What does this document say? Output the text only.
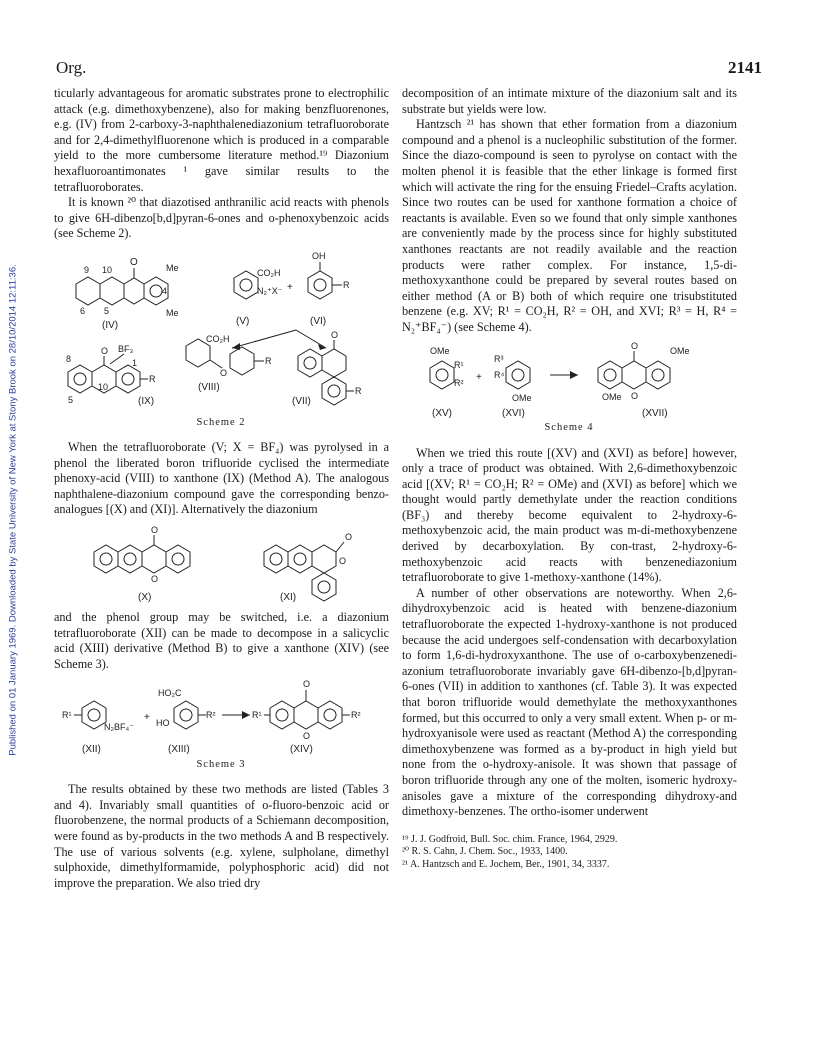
Org.	2141
Published on 01 January 1969. Downloaded by State University of New York at Stony Brook on 28/10/2014 12:11:36.

ticularly advantageous for aromatic substrates prone to electrophilic attack (e.g. dimethoxybenzene), also for making benzfluorenones, e.g. (IV) from 2-carboxy-3-naphthalenediazonium tetrafluoroborate and for 2,4-dimethylfluorenone which is produced in a comparable yield to the more cumbersome literature method.¹⁹ Diazonium hexafluoroantimonates ¹ gave similar results to the tetrafluoroborates.

It is known ²⁰ that diazotised anthranilic acid reacts with phenols to give 6H-dibenzo[b,d]pyran-6-ones and o-phenoxybenzoic acids (see Scheme 2).

O	Me
Me
9 10
4
6 5
(IV)
CO₂H
N₂⁺X⁻ +
(V)
OH
R
(VI)
O BF₃
1
8
10
5
R
(IX)
CO₂H
O
R
(VIII)
O
R
(VII)
Scheme 2

When the tetrafluoroborate (V; X = BF₄) was pyrolysed in a phenol the liberated boron trifluoride cyclised the intermediate phenoxy-acid (VIII) to xanthone (IX) (Method A). The analogous naphthalene-diazonium compound gave the corresponding benzo-analogues [(X) and (XI)]. Alternatively the diazonium

O
O
(X)
O
O
(XI)

and the phenol group may be switched, i.e. a diazonium tetrafluoroborate (XII) can be made to decompose in a salicyclic acid (XIII) derivative (Method B) to give a xanthone (XIV) (see Scheme 3).

R¹
N₂BF₄⁻
(XII)
+
HO₂C
HO
R²
(XIII)
R¹
O
O
R²
(XIV)
Scheme 3

The results obtained by these two methods are listed (Tables 3 and 4). Invariably small quantities of o-fluoro-benzoic acid or fluorobenzene, the normal products of a Schiemann decomposition, were found as by-products in the two methods A and B respectively. The use of various solvents (e.g. xylene, sulpholane, dimethyl sulphoxide, dimethylformamide, polyphosphoric acid) did not improve the preparation. We also tried dry

decomposition of an intimate mixture of the diazonium salt and its substrate but yields were low.

Hantzsch ²¹ has shown that ether formation from a diazonium compound and a phenol is a nucleophilic substitution of the former. Since the diazo-compound is seen to pyrolyse on contact with the molten phenol it is feasible that the ether linkage is formed first which will activate the ring for the ensuing Friedel–Crafts acylation. Since two routes can be used for xanthone formation a choice of reactants is available. Even so we found that only simple xanthones are conveniently made by the process since for highly substituted xanthones reactants are not readily available and the reaction products were rather complex. For instance, 1,5-di-methoxyxanthone could be prepared by several routes based on either method (A or B) both of which require one trisubstituted benzene (e.g. XV; R¹ = CO₂H, R² = OH, and XVI; R³ = H, R⁴ = N₂⁺BF₄⁻) (see Scheme 4).

OMe
R¹
R²
(XV)
+
R³
R⁴
OMe
(XVI)
O	OMe
O
OMe
(XVII)
Scheme 4

When we tried this route [(XV) and (XVI) as before] however, only a trace of product was obtained. With 2,6-dimethoxybenzoic acid [(XV; R¹ = CO₂H; R² = OMe) and (XVI) as before] which we thought would partly demethylate under the reaction conditions (BF₃) and thereby become equivalent to 2-hydroxy-6-methoxybenzoic acid, the main product was m-di-methoxybenzene derived by decarboxylation. By con-trast, 2-hydroxy-6-methoxybenzoic acid reacts with benzenediazonium tetrafluoroborate to give 1-methoxy-xanthone (14%).

A number of other observations are noteworthy. When 2,6-dihydroxybenzoic acid is heated with benzene-diazonium tetrafluoroborate the expected 1-hydroxy-xanthone is not produced because the acid undergoes self-condensation with decarboxylation to form 1,6-di-hydroxyxanthone. The use of o-carboxybenzenedi-azonium tetrafluoroborate invariably gave 6H-dibenzo-[b,d]pyran-6-ones (VII) in addition to xanthones (cf. Table 3). It was expected that boron trifluoride would demethylate the methoxyxanthones formed, but this occurred to only a very small extent. When p- or m-hydroxyanisole were used as reactant (Method A) the corresponding dimethoxybenzene was formed as a by-product in high yield but none from the o-hydroxy-anisole. It was shown that passage of boron trifluoride through any one of the molten, isomeric hydroxy-anisoles gave a mixture of the corresponding dihydroxy-and dimethoxy-benzenes. The ortho-isomer underwent

¹⁹ J. J. Godfroid, Bull. Soc. chim. France, 1964, 2929.

²⁰ R. S. Cahn, J. Chem. Soc., 1933, 1400.

²¹ A. Hantzsch and E. Jochem, Ber., 1901, 34, 3337.
